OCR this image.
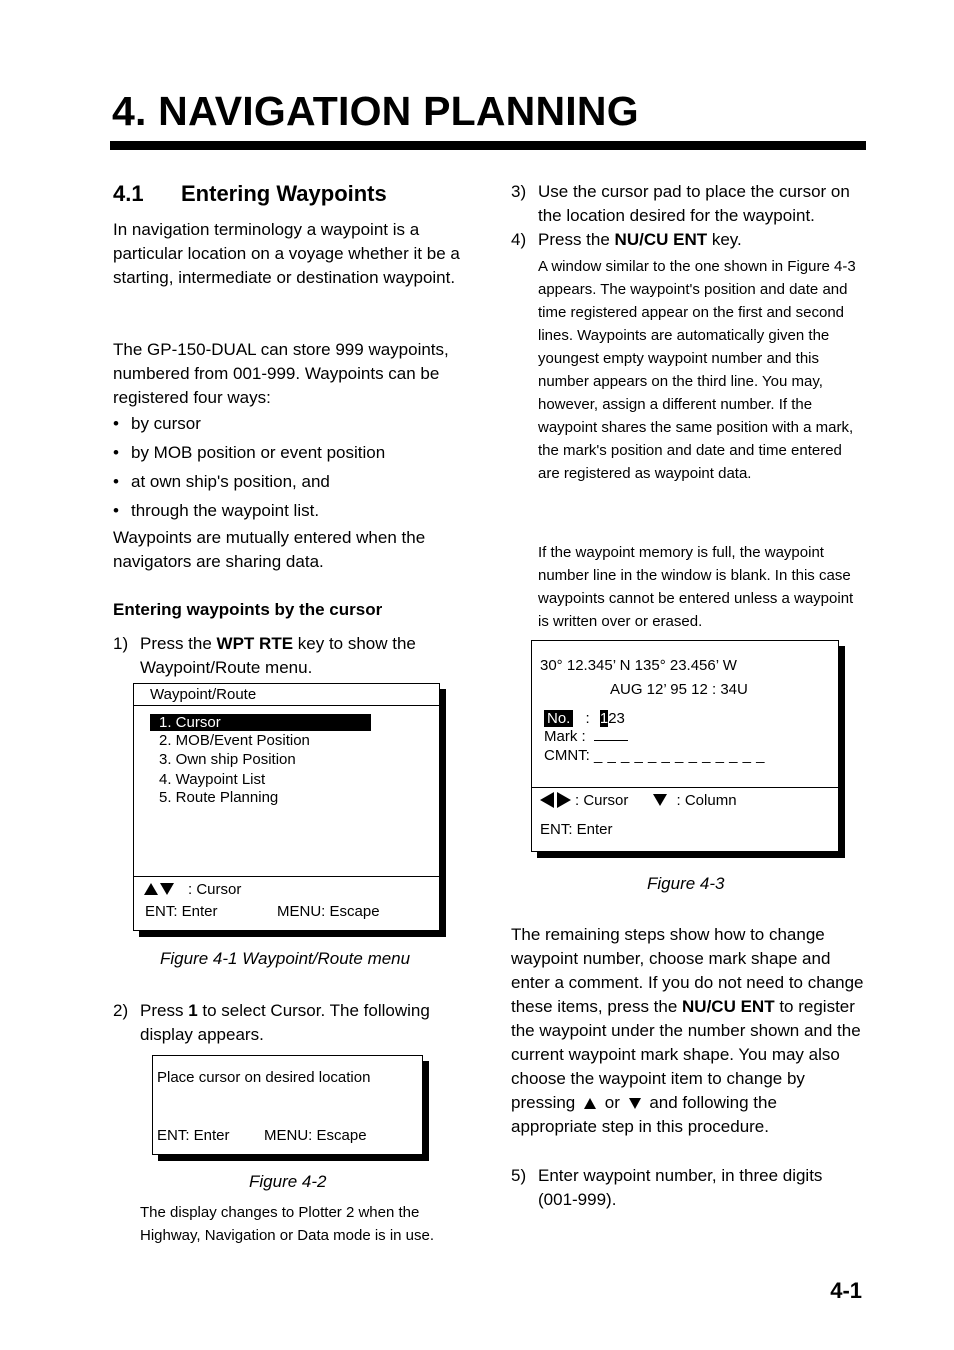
4. NAVIGATION PLANNING
4.1 Entering Waypoints
In navigation terminology a waypoint is a particular location on a voyage whether it be a starting, intermediate or destination waypoint.
The GP-150-DUAL can store 999 waypoints, numbered from 001-999. Waypoints can be registered four ways:
• by cursor
• by MOB position or event position
• at own ship's position, and
• through the waypoint list.
Waypoints are mutually entered when the navigators are sharing data.
Entering waypoints by the cursor
1) Press the WPT RTE key to show the Waypoint/Route menu.
Waypoint/Route
1. Cursor
2. MOB/Event Position
3. Own ship Position
4. Waypoint List
5. Route Planning
: Cursor
ENT: Enter	MENU: Escape
Figure 4-1 Waypoint/Route menu
2) Press 1 to select Cursor. The following display appears.
Place cursor on desired location
ENT: Enter MENU: Escape
Figure 4-2
The display changes to Plotter 2 when the Highway, Navigation or Data mode is in use.
3) Use the cursor pad to place the cursor on the location desired for the waypoint.
4) Press the NU/CU ENT key.
A window similar to the one shown in Figure 4-3 appears. The waypoint's position and date and time registered appear on the first and second lines. Waypoints are automatically given the youngest empty waypoint number and this number appears on the third line. You may, however, assign a different number. If the waypoint shares the same position with a mark, the mark's position and date and time entered are registered as waypoint data.
If the waypoint memory is full, the waypoint number line in the window is blank. In this case waypoints cannot be entered unless a waypoint is written over or erased.
30° 12.345’ N 135° 23.456’ W
AUG 12’ 95 12 : 34U
No. : 123
Mark :
CMNT: _ _ _ _ _ _ _ _ _ _ _ _ _
: Cursor	: Column
ENT: Enter
Figure 4-3
The remaining steps show how to change waypoint number, choose mark shape and enter a comment. If you do not need to change these items, press the NU/CU ENT to register the waypoint under the number shown and the current waypoint mark shape. You may also choose the waypoint item to change by pressing or and following the appropriate step in this procedure.
5) Enter waypoint number, in three digits (001-999).
4-1
